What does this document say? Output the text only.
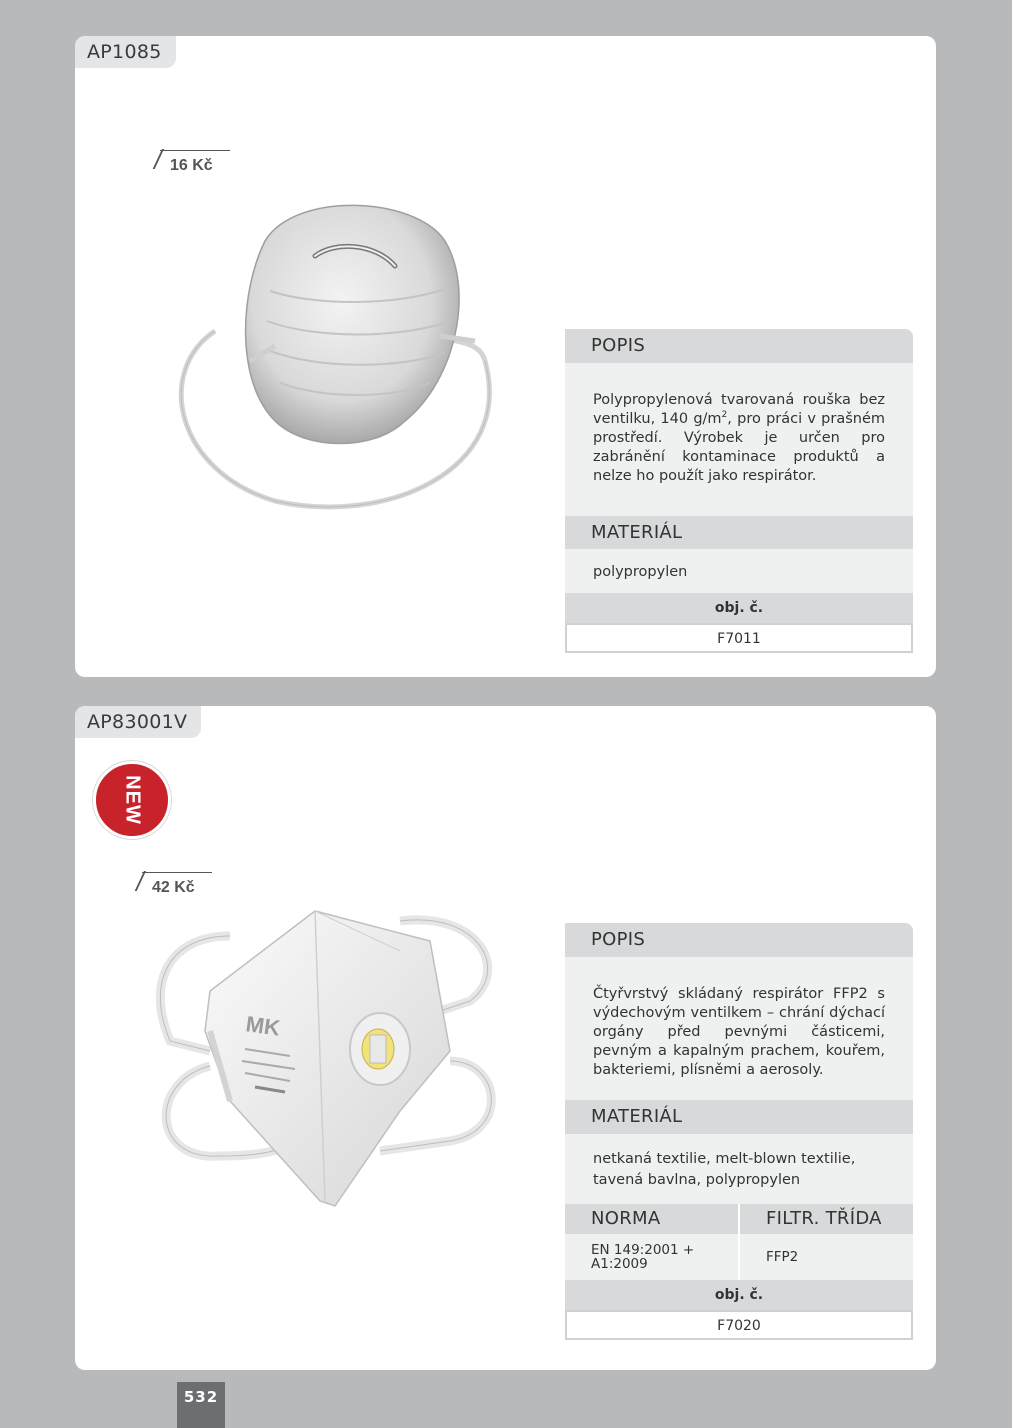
AP1085
16 Kč
POPIS
Polypropylenová tvarovaná rouška bez ventilku, 140 $g/m^2$, pro práci v prašném prostředí. Výrobek je určen pro zabránění kontaminace produktů a nelze ho použít jako respirátor.
MATERIÁL
polypropylen
obj. č.
F7011
AP83001V
NEW
42 Kč
MK
POPIS
Čtyřvrstvý skládaný respirátor FFP2 s výdechovým ventilkem – chrání dýchací orgány před pevnými částicemi, pevným a kapalným prachem, kouřem, bakteriemi, plísněmi a aerosoly.
MATERIÁL
netkaná textilie, melt-blown textilie, tavená bavlna, polypropylen
NORMA
EN 149:2001 + A1:2009
FILTR. TŘÍDA
FFP2
obj. č.
F7020
532
